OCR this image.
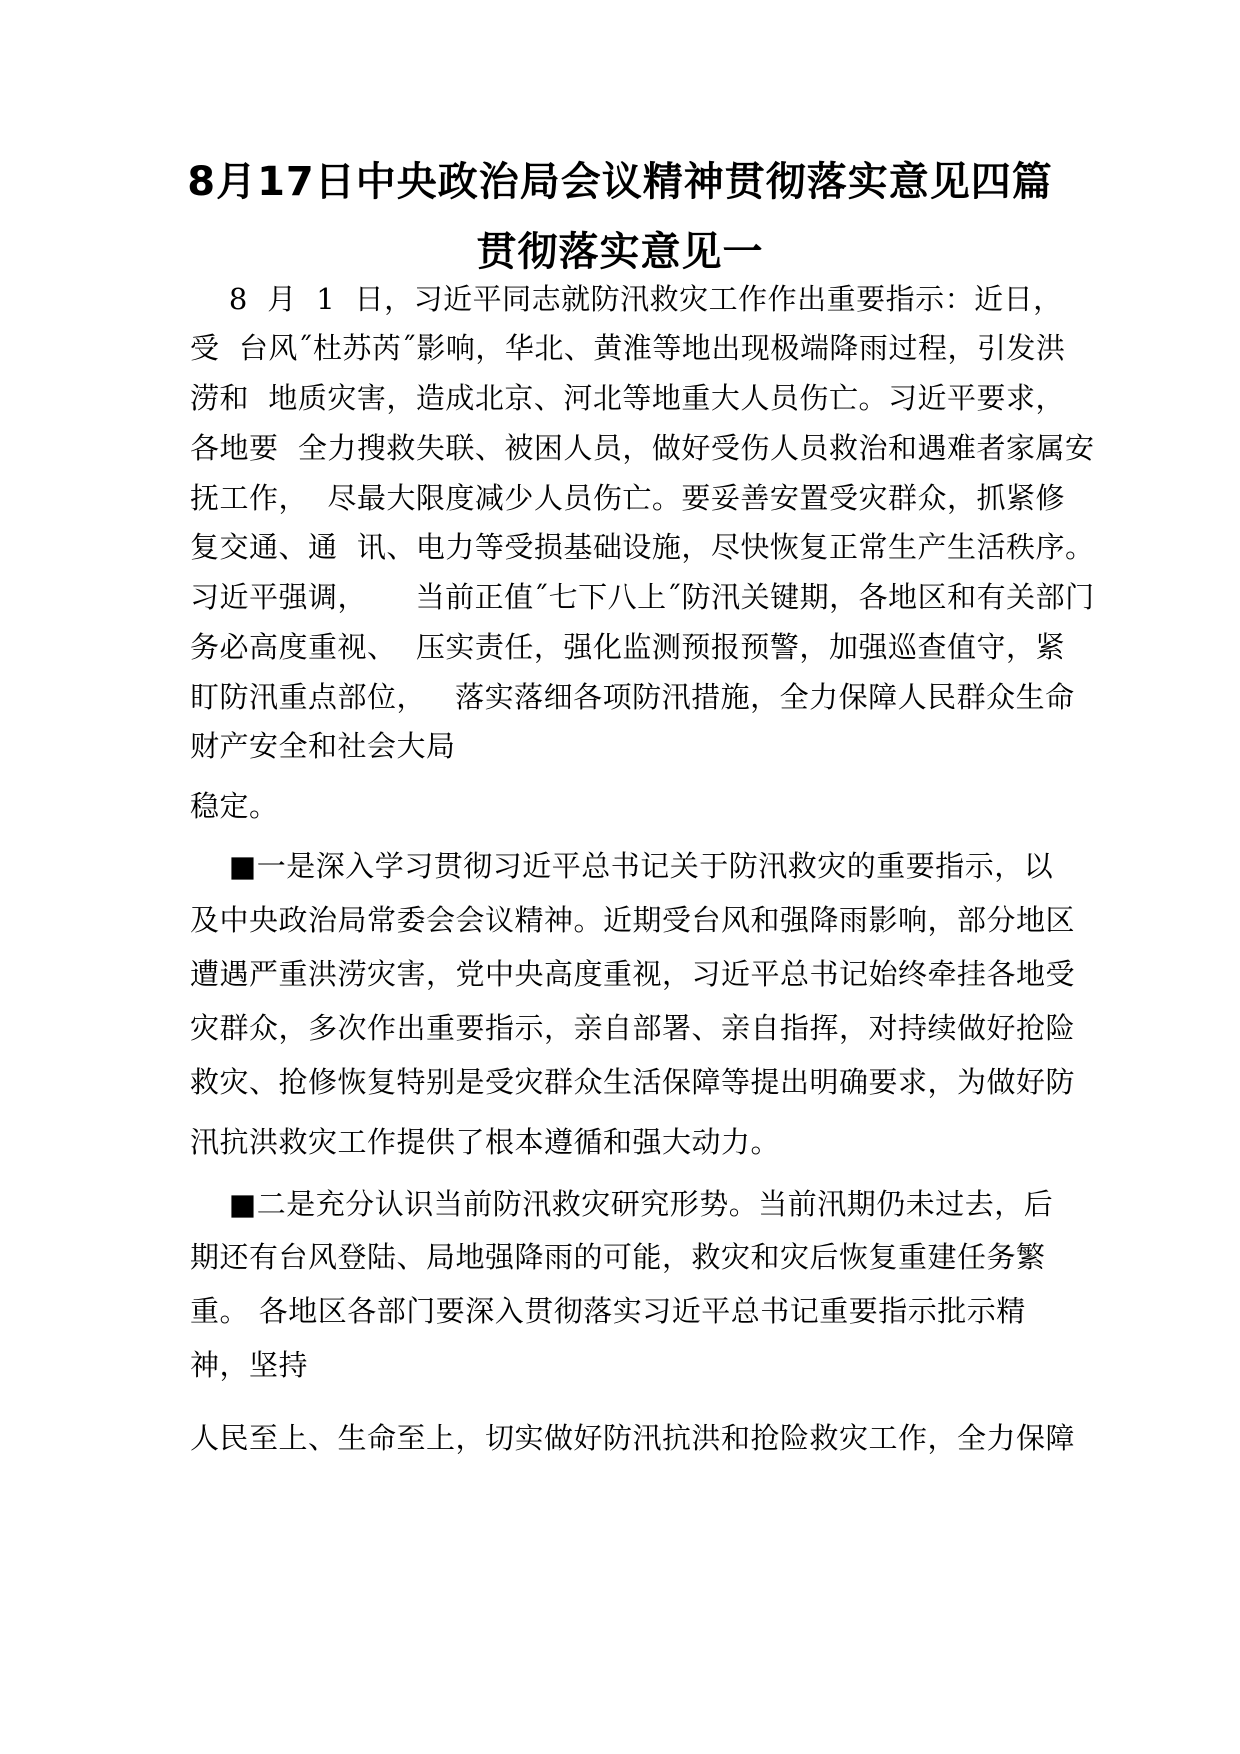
8月17日中央政治局会议精神贯彻落实意见四篇
贯彻落实意见一
8  月  1  日，习近平同志就防汛救灾工作作出重要指示：近日，
受  台风˝杜苏芮˝影响，华北、黄淮等地出现极端降雨过程，引发洪
涝和  地质灾害，造成北京、河北等地重大人员伤亡。习近平要求，
各地要  全力搜救失联、被困人员，做好受伤人员救治和遇难者家属安
抚工作，  尽最大限度减少人员伤亡。要妥善安置受灾群众，抓紧修
复交通、通  讯、电力等受损基础设施，尽快恢复正常生产生活秩序。
习近平强调，     当前正值˝七下八上˝防汛关键期，各地区和有关部门
务必高度重视、  压实责任，强化监测预报预警，加强巡查值守，紧
盯防汛重点部位，   落实落细各项防汛措施，全力保障人民群众生命
财产安全和社会大局
稳定。
■一是深入学习贯彻习近平总书记关于防汛救灾的重要指示，以
及中央政治局常委会会议精神。近期受台风和强降雨影响，部分地区
遭遇严重洪涝灾害，党中央高度重视，习近平总书记始终牵挂各地受
灾群众，多次作出重要指示，亲自部署、亲自指挥，对持续做好抢险
救灾、抢修恢复特别是受灾群众生活保障等提出明确要求，为做好防
汛抗洪救灾工作提供了根本遵循和强大动力。
■二是充分认识当前防汛救灾研究形势。当前汛期仍未过去，后
期还有台风登陆、局地强降雨的可能，救灾和灾后恢复重建任务繁
重。 各地区各部门要深入贯彻落实习近平总书记重要指示批示精
神，坚持
人民至上、生命至上，切实做好防汛抗洪和抢险救灾工作，全力保障
